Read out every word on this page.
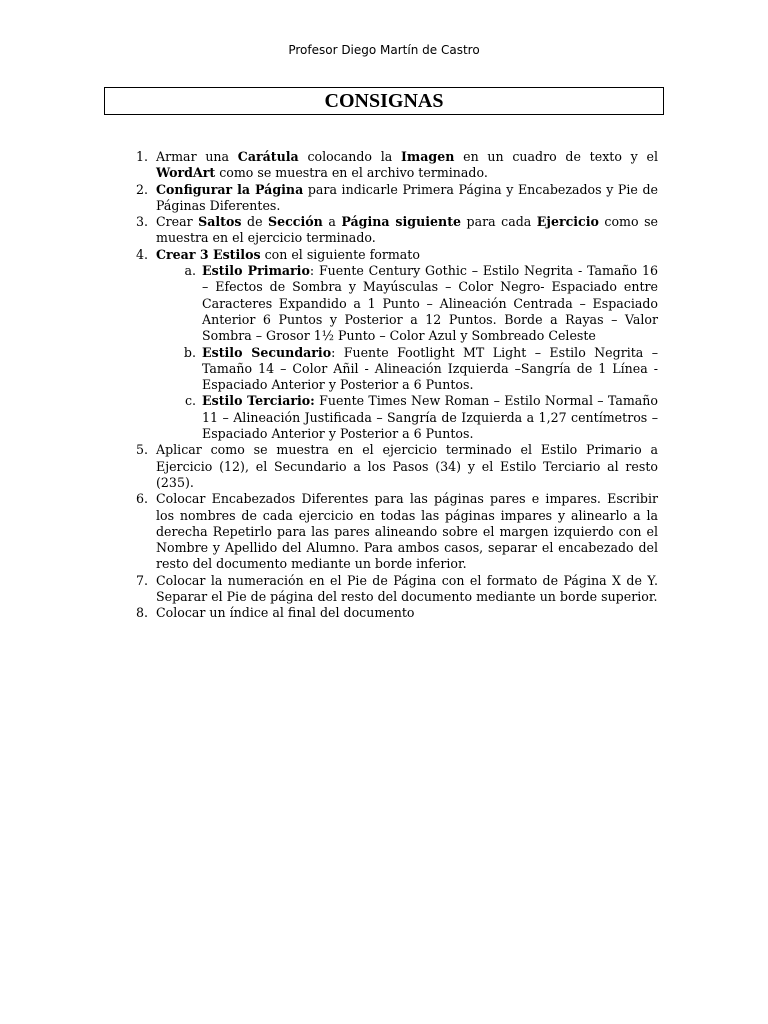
Profesor Diego Martín de Castro
CONSIGNAS
1. Armar una Carátula colocando la Imagen en un cuadro de texto y el WordArt como se muestra en el archivo terminado.
2. Configurar la Página para indicarle Primera Página y Encabezados y Pie de Páginas Diferentes.
3. Crear Saltos de Sección a Página siguiente para cada Ejercicio como se muestra en el ejercicio terminado.
4. Crear 3 Estilos con el siguiente formato
a. Estilo Primario: Fuente Century Gothic – Estilo Negrita - Tamaño 16 – Efectos de Sombra y Mayúsculas – Color Negro- Espaciado entre Caracteres Expandido a 1 Punto – Alineación Centrada – Espaciado Anterior 6 Puntos y Posterior a 12 Puntos. Borde a Rayas – Valor Sombra – Grosor 1½ Punto – Color Azul y Sombreado Celeste
b. Estilo Secundario: Fuente Footlight MT Light – Estilo Negrita – Tamaño 14 – Color Añil - Alineación Izquierda –Sangría de 1 Línea - Espaciado Anterior y Posterior a 6 Puntos.
c. Estilo Terciario: Fuente Times New Roman – Estilo Normal – Tamaño 11 – Alineación Justificada – Sangría de Izquierda a 1,27 centímetros – Espaciado Anterior y Posterior a 6 Puntos.
5. Aplicar como se muestra en el ejercicio terminado el Estilo Primario a Ejercicio (12), el Secundario a los Pasos (34) y el Estilo Terciario al resto (235).
6. Colocar Encabezados Diferentes para las páginas pares e impares. Escribir los nombres de cada ejercicio en todas las páginas impares y alinearlo a la derecha Repetirlo para las pares alineando sobre el margen izquierdo con el Nombre y Apellido del Alumno. Para ambos casos, separar el encabezado del resto del documento mediante un borde inferior.
7. Colocar la numeración en el Pie de Página con el formato de Página X de Y. Separar el Pie de página del resto del documento mediante un borde superior.
8. Colocar un índice al final del documento
